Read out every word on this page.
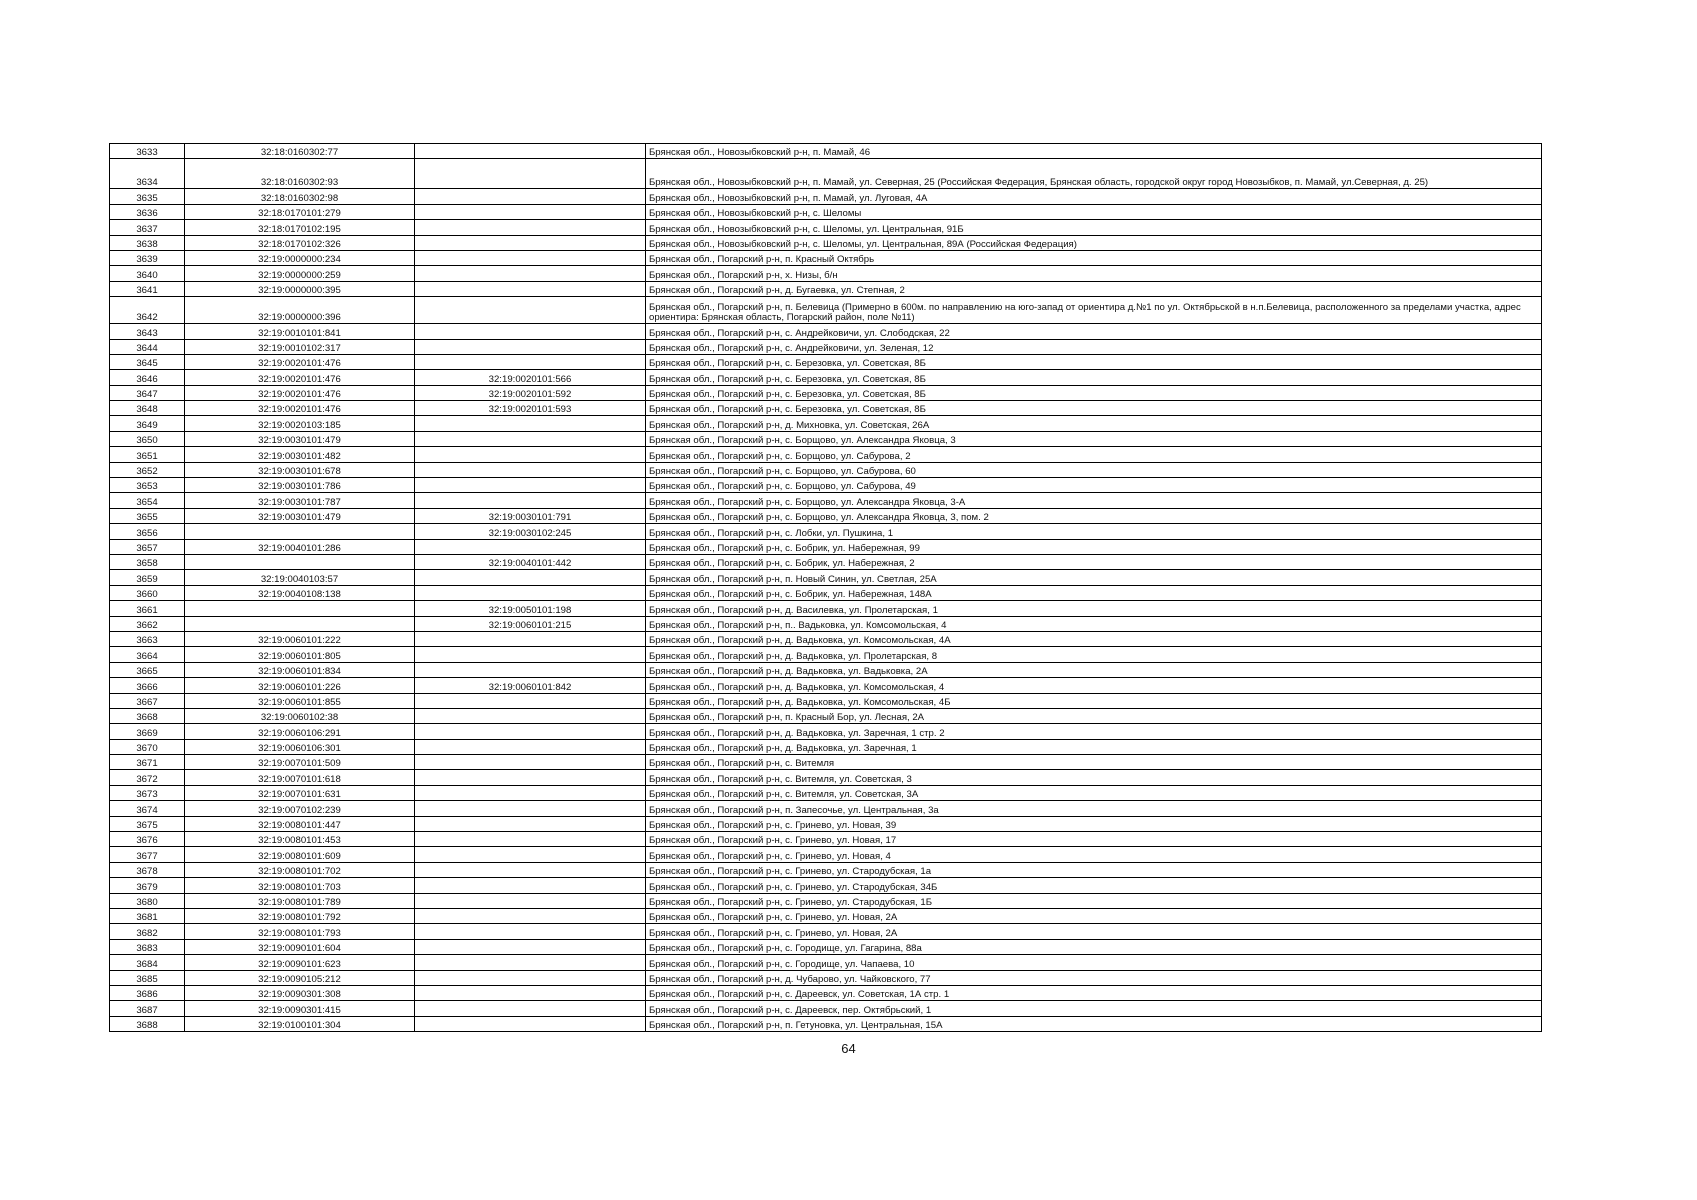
3633	32:18:0160302:77		Брянская обл., Новозыбковский р-н, п. Мамай, 46
3634	32:18:0160302:93		Брянская обл., Новозыбковский р-н, п. Мамай, ул. Северная, 25 (Российская Федерация, Брянская область, городской округ город Новозыбков, п. Мамай, ул.Северная, д. 25)
3635	32:18:0160302:98		Брянская обл., Новозыбковский р-н, п. Мамай, ул. Луговая, 4А
3636	32:18:0170101:279		Брянская обл., Новозыбковский р-н, с. Шеломы
3637	32:18:0170102:195		Брянская обл., Новозыбковский р-н, с. Шеломы, ул. Центральная, 91Б
3638	32:18:0170102:326		Брянская обл., Новозыбковский р-н, с. Шеломы, ул. Центральная, 89А (Российская Федерация)
3639	32:19:0000000:234		Брянская обл., Погарский р-н, п. Красный Октябрь
3640	32:19:0000000:259		Брянская обл., Погарский р-н, х. Низы, б/н
3641	32:19:0000000:395		Брянская обл., Погарский р-н, д. Бугаевка, ул. Степная, 2
3642	32:19:0000000:396		Брянская обл., Погарский р-н, п. Белевица (Примерно в 600м. по направлению на юго-запад от ориентира д.№1 по ул. Октябрьской в н.п.Белевица, расположенного за пределами участка, адрес ориентира: Брянская область, Погарский район, поле №11)
3643	32:19:0010101:841		Брянская обл., Погарский р-н, с. Андрейковичи, ул. Слободская, 22
3644	32:19:0010102:317		Брянская обл., Погарский р-н, с. Андрейковичи, ул. Зеленая, 12
3645	32:19:0020101:476		Брянская обл., Погарский р-н, с. Березовка, ул. Советская, 8Б
3646	32:19:0020101:476	32:19:0020101:566	Брянская обл., Погарский р-н, с. Березовка, ул. Советская, 8Б
3647	32:19:0020101:476	32:19:0020101:592	Брянская обл., Погарский р-н, с. Березовка, ул. Советская, 8Б
3648	32:19:0020101:476	32:19:0020101:593	Брянская обл., Погарский р-н, с. Березовка, ул. Советская, 8Б
3649	32:19:0020103:185		Брянская обл., Погарский р-н, д. Михновка, ул. Советская, 26А
3650	32:19:0030101:479		Брянская обл., Погарский р-н, с. Борщово, ул. Александра Яковца, 3
3651	32:19:0030101:482		Брянская обл., Погарский р-н, с. Борщово, ул. Сабурова, 2
3652	32:19:0030101:678		Брянская обл., Погарский р-н, с. Борщово, ул. Сабурова, 60
3653	32:19:0030101:786		Брянская обл., Погарский р-н, с. Борщово, ул. Сабурова, 49
3654	32:19:0030101:787		Брянская обл., Погарский р-н, с. Борщово, ул. Александра Яковца, 3-А
3655	32:19:0030101:479	32:19:0030101:791	Брянская обл., Погарский р-н, с. Борщово, ул. Александра Яковца, 3, пом. 2
3656		32:19:0030102:245	Брянская обл., Погарский р-н, с. Лобки, ул. Пушкина, 1
3657	32:19:0040101:286		Брянская обл., Погарский р-н, с. Бобрик, ул. Набережная, 99
3658		32:19:0040101:442	Брянская обл., Погарский р-н, с. Бобрик, ул. Набережная, 2
3659	32:19:0040103:57		Брянская обл., Погарский р-н, п. Новый Синин, ул. Светлая, 25А
3660	32:19:0040108:138		Брянская обл., Погарский р-н, с. Бобрик, ул. Набережная, 148А
3661		32:19:0050101:198	Брянская обл., Погарский р-н, д. Василевка, ул. Пролетарская, 1
3662		32:19:0060101:215	Брянская обл., Погарский р-н, п.. Вадьковка, ул. Комсомольская, 4
3663	32:19:0060101:222		Брянская обл., Погарский р-н, д. Вадьковка, ул. Комсомольская, 4А
3664	32:19:0060101:805		Брянская обл., Погарский р-н, д. Вадьковка, ул. Пролетарская, 8
3665	32:19:0060101:834		Брянская обл., Погарский р-н, д. Вадьковка, ул. Вадьковка, 2А
3666	32:19:0060101:226	32:19:0060101:842	Брянская обл., Погарский р-н, д. Вадьковка, ул. Комсомольская, 4
3667	32:19:0060101:855		Брянская обл., Погарский р-н, д. Вадьковка, ул. Комсомольская, 4Б
3668	32:19:0060102:38		Брянская обл., Погарский р-н, п. Красный Бор, ул. Лесная, 2А
3669	32:19:0060106:291		Брянская обл., Погарский р-н, д. Вадьковка, ул. Заречная, 1 стр. 2
3670	32:19:0060106:301		Брянская обл., Погарский р-н, д. Вадьковка, ул. Заречная, 1
3671	32:19:0070101:509		Брянская обл., Погарский р-н, с. Витемля
3672	32:19:0070101:618		Брянская обл., Погарский р-н, с. Витемля, ул. Советская, 3
3673	32:19:0070101:631		Брянская обл., Погарский р-н, с. Витемля, ул. Советская, 3А
3674	32:19:0070102:239		Брянская обл., Погарский р-н, п. Запесочье, ул. Центральная, 3а
3675	32:19:0080101:447		Брянская обл., Погарский р-н, с. Гринево, ул. Новая, 39
3676	32:19:0080101:453		Брянская обл., Погарский р-н, с. Гринево, ул. Новая, 17
3677	32:19:0080101:609		Брянская обл., Погарский р-н, с. Гринево, ул. Новая, 4
3678	32:19:0080101:702		Брянская обл., Погарский р-н, с. Гринево, ул. Стародубская, 1а
3679	32:19:0080101:703		Брянская обл., Погарский р-н, с. Гринево, ул. Стародубская, 34Б
3680	32:19:0080101:789		Брянская обл., Погарский р-н, с. Гринево, ул. Стародубская, 1Б
3681	32:19:0080101:792		Брянская обл., Погарский р-н, с. Гринево, ул. Новая, 2А
3682	32:19:0080101:793		Брянская обл., Погарский р-н, с. Гринево, ул. Новая, 2А
3683	32:19:0090101:604		Брянская обл., Погарский р-н, с. Городище, ул. Гагарина, 88а
3684	32:19:0090101:623		Брянская обл., Погарский р-н, с. Городище, ул. Чапаева, 10
3685	32:19:0090105:212		Брянская обл., Погарский р-н, д. Чубарово, ул. Чайковского, 77
3686	32:19:0090301:308		Брянская обл., Погарский р-н, с. Дареевск, ул. Советская, 1А стр. 1
3687	32:19:0090301:415		Брянская обл., Погарский р-н, с. Дареевск, пер. Октябрьский, 1
3688	32:19:0100101:304		Брянская обл., Погарский р-н, п. Гетуновка, ул. Центральная, 15А
64
